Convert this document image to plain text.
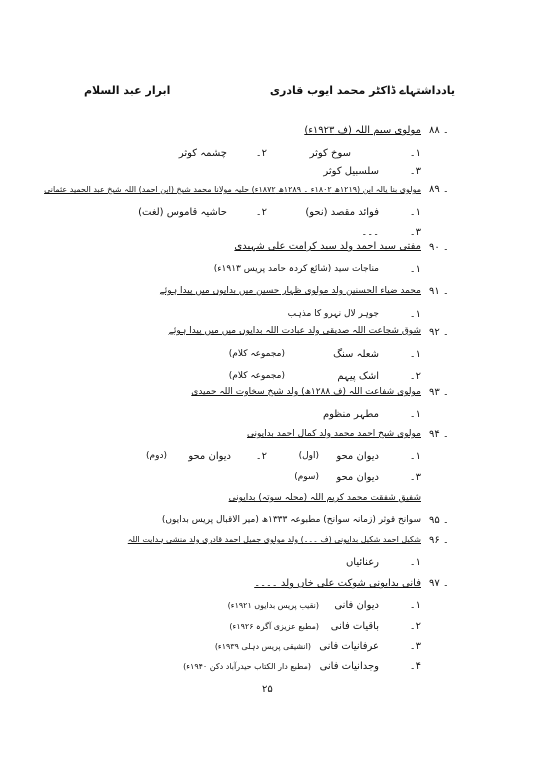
یادداشتہاے ڈاکٹر محمد ایوب قادری
ابرار عبد السلام
۸۸ ۔
مولوی سیم اللہ (ف ۱۹۲۳ء)
۱۔
سوخ کوثر
۲۔
چشمہ کوثر
۳۔
سلسبیل کوثر
۸۹ ۔
مولوی بنا یالہ ابن (۱۲۱۹ھ ۱۸۰۲ء ۔ ۱۲۸۹ھ ۱۸۷۲ء) حلیہ مولانا محمد شیخ (ابن احمد) اللہ شیخ عبد الحمید عثمانی
۱۔
فوائد مقصد (نحو)
۲۔
حاشیہ قاموس (لغت)
۳۔
۔۔۔
۹۰ ۔
مفتی سید احمد ولد سید کرامت علی شہیدی
۱۔
مناجات سید (شائع کردہ حامد پریس ۱۹۱۳ء)
۹۱ ۔
محمد ضیاء الحسنین ولد مولوی ظہار حسین میں بدایوں میں پیدا ہوئے
۱۔
جوہر لال نہرو کا مذہب
۹۲ ۔
شوق شجاعت اللہ صدیقی ولد عبادت اللہ بدایوں میں میں پیدا ہوئے
۱۔
شعلہ سنگ
(مجموعہ کلام)
۲۔
اشک پیہم
(مجموعہ کلام)
۹۳ ۔
مولوی شفاعت اللہ (ف ۱۲۸۸ھ) ولد شیخ سخاوت اللہ حمیدی
۱۔
مطہر منظوم
۹۴ ۔
مولوی شیخ احمد محمد ولد کمال احمد بدایونی
۱۔
دیوان محو
(اول)
۲۔
دیوان محو
(دوم)
۳۔
دیوان محو
(سوم)
شفیق شفقت محمد کریم اللہ (محلہ سوتہ) بدایونی
۹۵ ۔
سوانح قوثر (زمانہ سوانح) مطبوعہ ۱۳۳۳ھ (میر الاقبال پریس بدایوں)
۹۶ ۔
شکیل احمد شکیل بدایونی (ف ۔۔۔) ولد مولوی جمیل احمد قادری ولد منشی ہدایت اللہ
۱۔
رعنائیاں
۹۷ ۔
فانی بدایونی شوکت علی خاں ولد ۔۔۔۔
۱۔
دیوان فانی
(نقیب پریس بدایوں ۱۹۲۱ء)
۲۔
باقیات فانی
(مطبع عزیزی آگرہ ۱۹۲۶ء)
۳۔
عرفانیات فانی
(انشیقی پریس دہلی ۱۹۳۹ء)
۴۔
وجدانیات فانی
(مطبع دار الکتاب حیدرآباد دکن ۱۹۴۰ء)
۲۵
